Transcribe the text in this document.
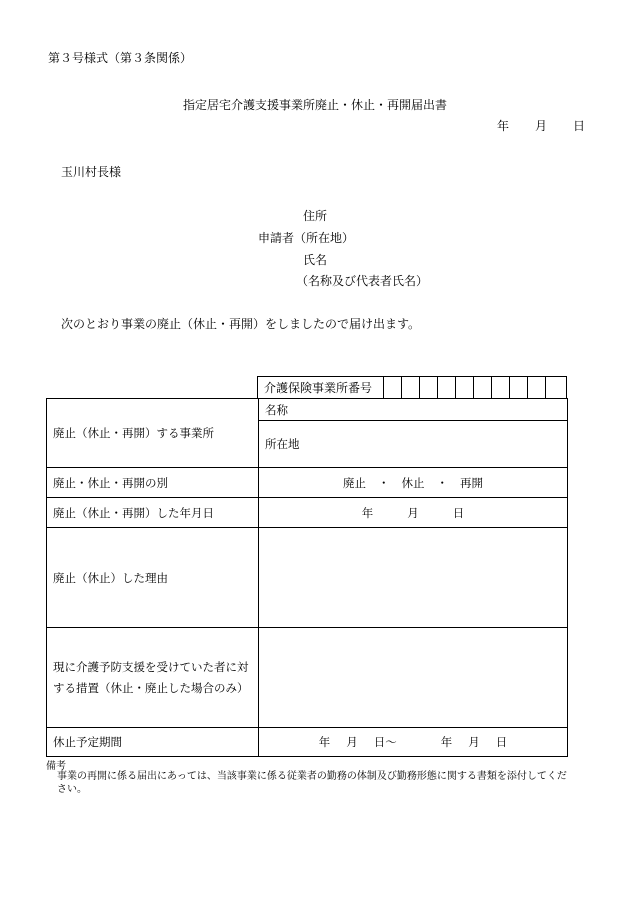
第３号様式（第３条関係）
指定居宅介護支援事業所廃止・休止・再開届出書
年 月 日
玉川村長様
住所
申請者（所在地）
氏名
（名称及び代表者氏名）
次のとおり事業の廃止（休止・再開）をしましたので届け出ます。
介護保険事業所番号
廃止（休止・再開）する事業所	名称
所在地

廃止・休止・再開の別	廃止 ・ 休止 ・ 再開
廃止（休止・再開）した年月日	年 月 日
廃止（休止）した理由	
現に介護予防支援を受けていた者に対する措置（休止・廃止した場合のみ）	
休止予定期間	年 月 日～ 年 月 日
備考
事業の再開に係る届出にあっては、当該事業に係る従業者の勤務の体制及び勤務形態に関する書類を添付してください。
